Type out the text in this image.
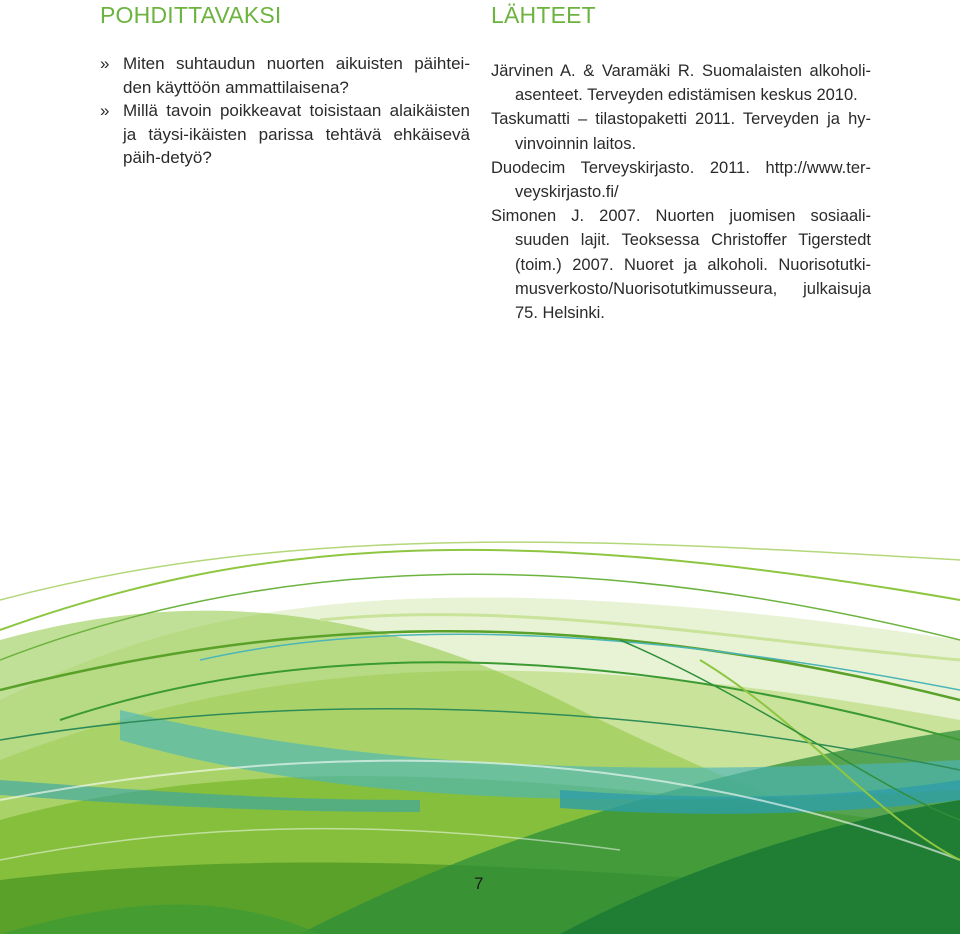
POHDITTAVAKSI
» Miten suhtaudun nuorten aikuisten päihtei-den käyttöön ammattilaisena?
» Millä tavoin poikkeavat toisistaan alaikäisten ja täysi-ikäisten parissa tehtävä ehkäisevä päih-detyö?
LÄHTEET

Järvinen A. & Varamäki R. Suomalaisten alkoholi-asenteet. Terveyden edistämisen keskus 2010.

Taskumatti – tilastopaketti 2011. Terveyden ja hy-vinvoinnin laitos.

Duodecim Terveyskirjasto. 2011. http://www.ter-veyskirjasto.fi/

Simonen J. 2007. Nuorten juomisen sosiaali-suuden lajit. Teoksessa Christoffer Tigerstedt (toim.) 2007. Nuoret ja alkoholi. Nuorisotutki-musverkosto/Nuorisotutkimusseura, julkaisuja 75. Helsinki.

7
